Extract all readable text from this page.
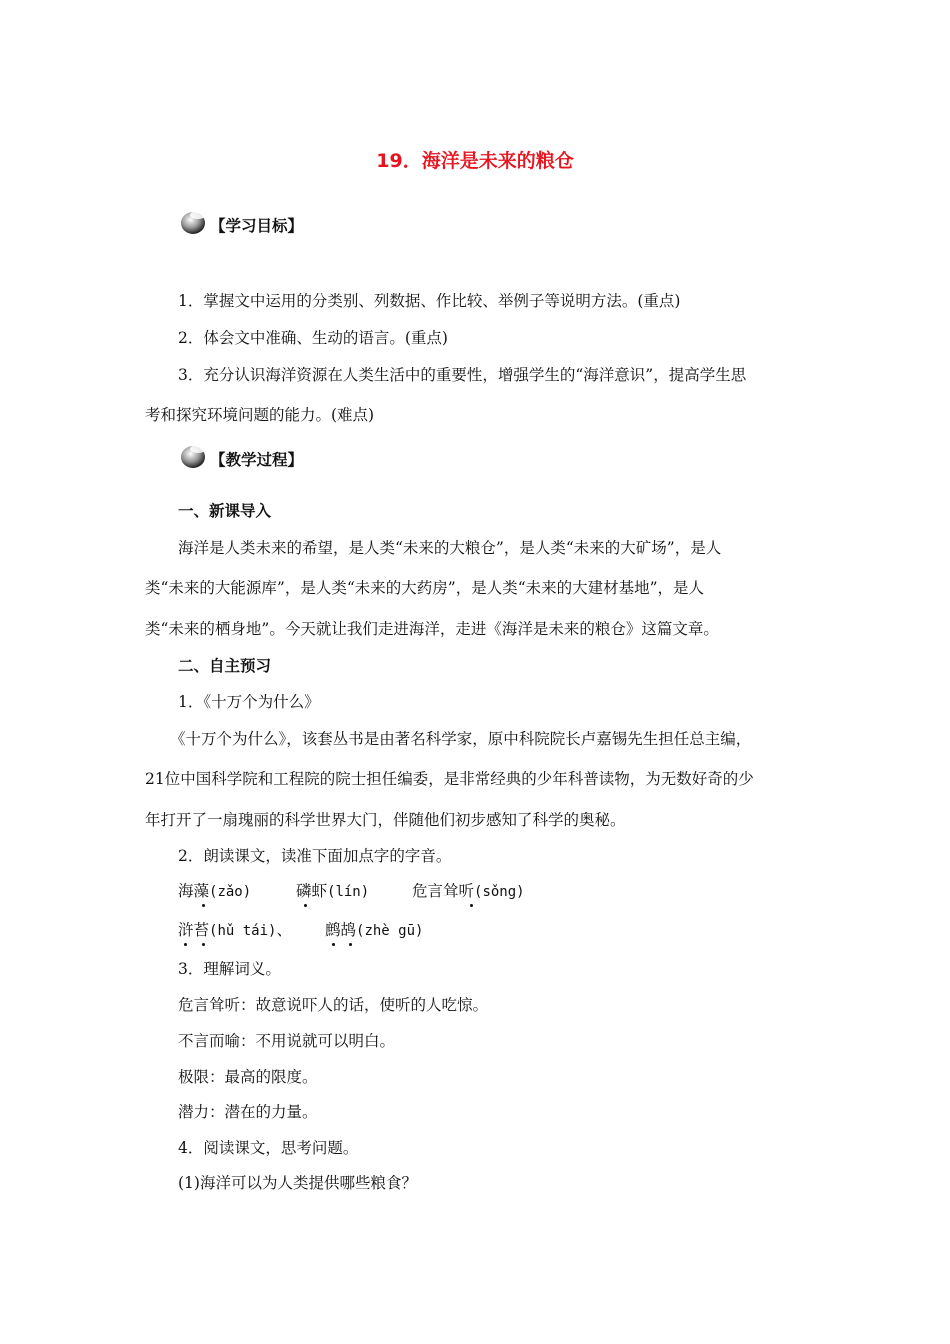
19．海洋是未来的粮仓
【学习目标】
1．掌握文中运用的分类别、列数据、作比较、举例子等说明方法。(重点)
2．体会文中准确、生动的语言。(重点)
3．充分认识海洋资源在人类生活中的重要性，增强学生的“海洋意识”，提高学生思
考和探究环境问题的能力。(难点)
【教学过程】
一、新课导入
海洋是人类未来的希望，是人类“未来的大粮仓”，是人类“未来的大矿场”，是人
类“未来的大能源库”，是人类“未来的大药房”，是人类“未来的大建材基地”，是人
类“未来的栖身地”。今天就让我们走进海洋，走进《海洋是未来的粮仓》这篇文章。
二、自主预习
1．《十万个为什么》
《十万个为什么》，该套丛书是由著名科学家，原中科院院长卢嘉锡先生担任总主编，
21位中国科学院和工程院的院士担任编委，是非常经典的少年科普读物，为无数好奇的少
年打开了一扇瑰丽的科学世界大门，伴随他们初步感知了科学的奥秘。
2．朗读课文，读准下面加点字的字音。
海藻(zǎo)	磷虾(lín)	危言耸听(sǒng)
浒苔(hǔ tái)、 鹧鸪(zhè gū)
3．理解词义。
危言耸听：故意说吓人的话，使听的人吃惊。
不言而喻：不用说就可以明白。
极限：最高的限度。
潜力：潜在的力量。
4．阅读课文，思考问题。
(1)海洋可以为人类提供哪些粮食？
